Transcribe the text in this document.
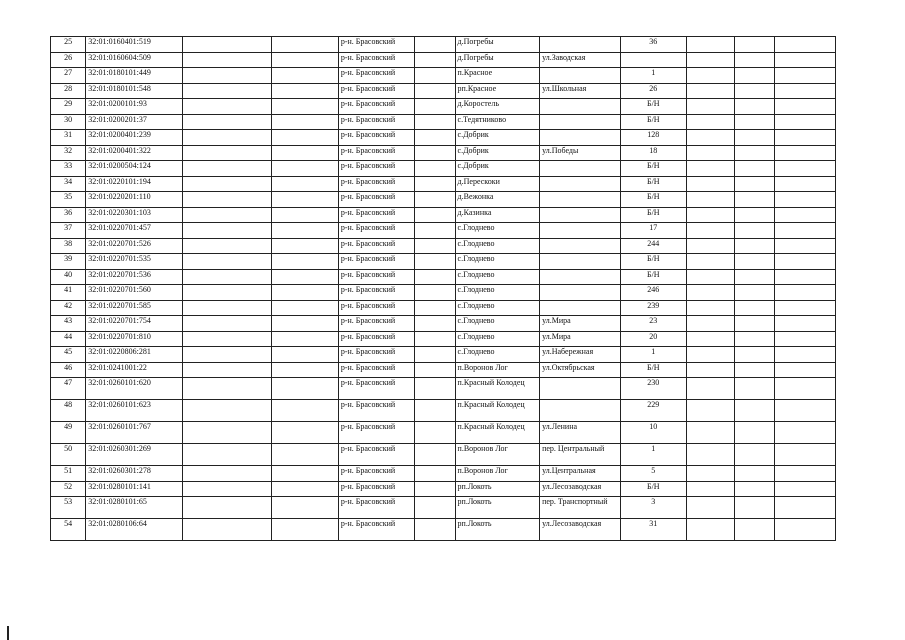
25	32:01:0160401:519			р-н. Брасовский		д.Погребы		36			
26	32:01:0160604:509			р-н. Брасовский		д.Погребы	ул.Заводская				
27	32:01:0180101:449			р-н. Брасовский		п.Красное		1			
28	32:01:0180101:548			р-н. Брасовский		рп.Красное	ул.Школьная	26			
29	32:01:0200101:93			р-н. Брасовский		д.Коростель		Б/Н			
30	32:01:0200201:37			р-н. Брасовский		с.Тедятниково		Б/Н			
31	32:01:0200401:239			р-н. Брасовский		с.Добрик		128			
32	32:01:0200401:322			р-н. Брасовский		с.Добрик	ул.Победы	18			
33	32:01:0200504:124			р-н. Брасовский		с.Добрик		Б/Н			
34	32:01:0220101:194			р-н. Брасовский		д.Перескоки		Б/Н			
35	32:01:0220201:110			р-н. Брасовский		д.Вежонка		Б/Н			
36	32:01:0220301:103			р-н. Брасовский		д.Казинка		Б/Н			
37	32:01:0220701:457			р-н. Брасовский		с.Глоднево		17			
38	32:01:0220701:526			р-н. Брасовский		с.Глоднево		244			
39	32:01:0220701:535			р-н. Брасовский		с.Глоднево		Б/Н			
40	32:01:0220701:536			р-н. Брасовский		с.Глоднево		Б/Н			
41	32:01:0220701:560			р-н. Брасовский		с.Глоднево		246			
42	32:01:0220701:585			р-н. Брасовский		с.Глоднево		239			
43	32:01:0220701:754			р-н. Брасовский		с.Глоднево	ул.Мира	23			
44	32:01:0220701:810			р-н. Брасовский		с.Глоднево	ул.Мира	20			
45	32:01:0220806:281			р-н. Брасовский		с.Глоднево	ул.Набережная	1			
46	32:01:0241001:22			р-н. Брасовский		п.Воронов Лог	ул.Октябрьская	Б/Н			
47	32:01:0260101:620			р-н. Брасовский		п.Красный Колодец		230			
48	32:01:0260101:623			р-н. Брасовский		п.Красный Колодец		229			
49	32:01:0260101:767			р-н. Брасовский		п.Красный Колодец	ул.Ленина	10			
50	32:01:0260301:269			р-н. Брасовский		п.Воронов Лог	пер. Центральный	1			
51	32:01:0260301:278			р-н. Брасовский		п.Воронов Лог	ул.Центральная	5			
52	32:01:0280101:141			р-н. Брасовский		рп.Локоть	ул.Лесозаводская	Б/Н			
53	32:01:0280101:65			р-н. Брасовский		рп.Локоть	пер. Транспортный	3			
54	32:01:0280106:64			р-н. Брасовский		рп.Локоть	ул.Лесозаводская	31			
